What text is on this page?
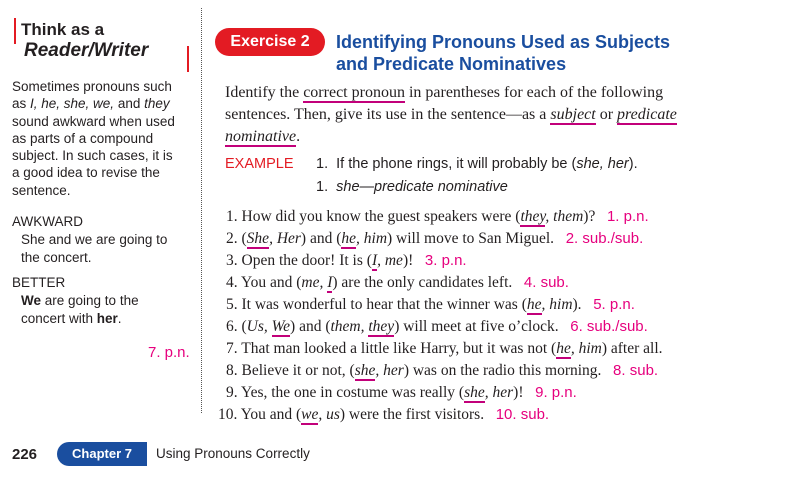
Think as a
Reader/Writer
Sometimes pronouns such
as I, he, she, we, and they
sound awkward when used
as parts of a compound
subject. In such cases, it is
a good idea to revise the
sentence.
AWKWARD
She and we are going to
the concert.
BETTER
We are going to the
concert with her.
7. p.n.
Exercise 2	Identifying Pronouns Used as Subjects
and Predicate Nominatives
Identify the correct pronoun in parentheses for each of the following
sentences. Then, give its use in the sentence—as a subject or predicate
nominative.
EXAMPLE 1. If the phone rings, it will probably be (she, her).
1. she—predicate nominative
1. How did you know the guest speakers were (they, them)? 1. p.n.
2. (She, Her) and (he, him) will move to San Miguel. 2. sub./sub.
3. Open the door! It is (I, me)! 3. p.n.
4. You and (me, I) are the only candidates left. 4. sub.
5. It was wonderful to hear that the winner was (he, him). 5. p.n.
6. (Us, We) and (them, they) will meet at five o’clock. 6. sub./sub.
7. That man looked a little like Harry, but it was not (he, him) after all.
8. Believe it or not, (she, her) was on the radio this morning. 8. sub.
9. Yes, the one in costume was really (she, her)! 9. p.n.
10. You and (we, us) were the first visitors. 10. sub.
226	Chapter 7	Using Pronouns Correctly
